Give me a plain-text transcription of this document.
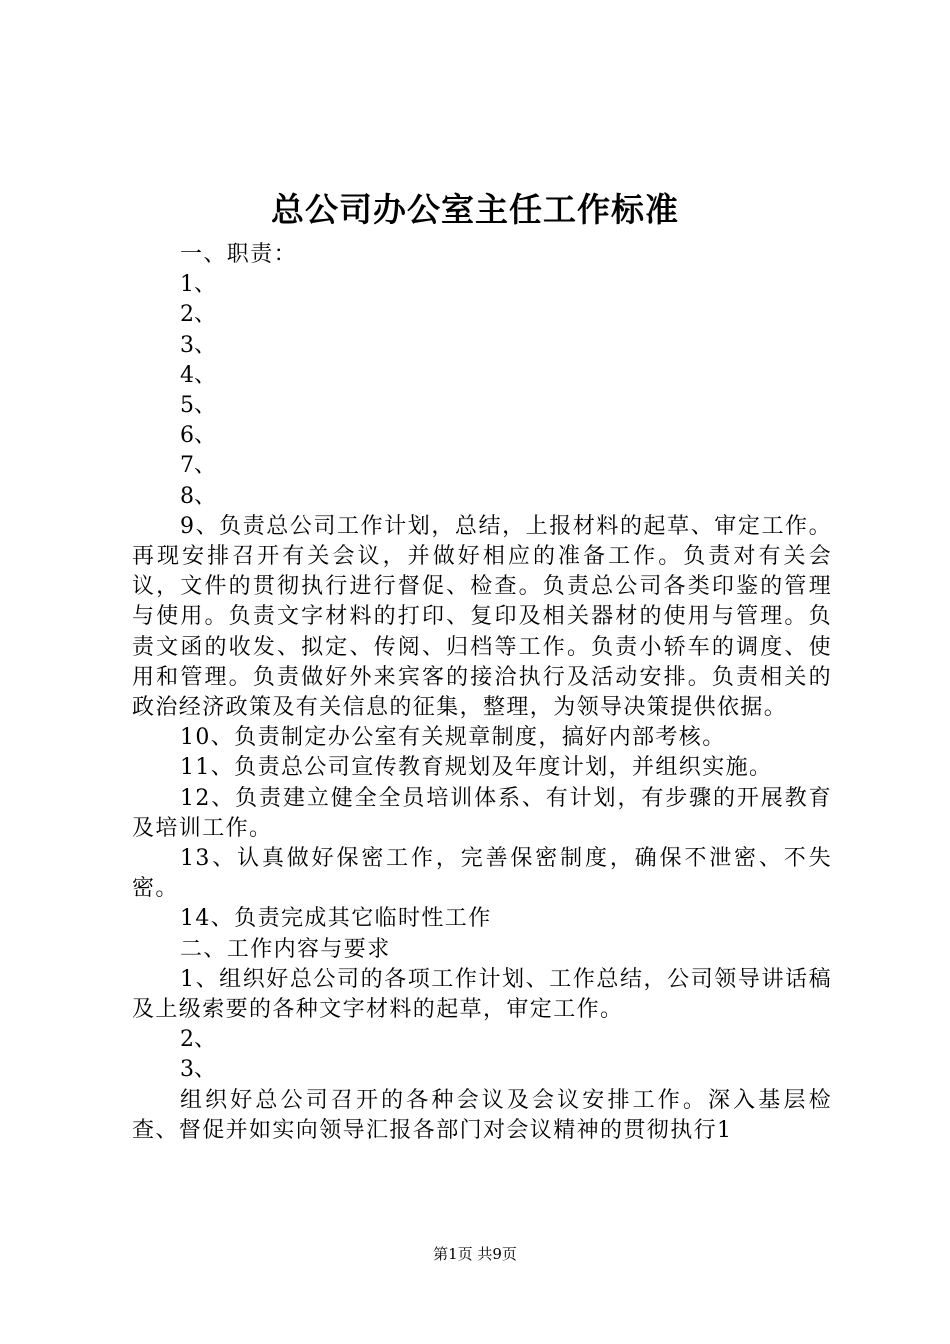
总公司办公室主任工作标准

一、职责：

1、

2、

3、

4、

5、

6、

7、

8、

9、负责总公司工作计划，总结，上报材料的起草、审定工作。再现安排召开有关会议，并做好相应的准备工作。负责对有关会议，文件的贯彻执行进行督促、检查。负责总公司各类印鉴的管理与使用。负责文字材料的打印、复印及相关器材的使用与管理。负责文函的收发、拟定、传阅、归档等工作。负责小轿车的调度、使用和管理。负责做好外来宾客的接洽执行及活动安排。负责相关的政治经济政策及有关信息的征集，整理，为领导决策提供依据。

10、负责制定办公室有关规章制度，搞好内部考核。

11、负责总公司宣传教育规划及年度计划，并组织实施。

12、负责建立健全全员培训体系、有计划，有步骤的开展教育及培训工作。

13、认真做好保密工作，完善保密制度，确保不泄密、不失密。

14、负责完成其它临时性工作

二、工作内容与要求

1、组织好总公司的各项工作计划、工作总结，公司领导讲话稿及上级索要的各种文字材料的起草，审定工作。

2、

3、

组织好总公司召开的各种会议及会议安排工作。深入基层检查、督促并如实向领导汇报各部门对会议精神的贯彻执行1

第1页 共9页
